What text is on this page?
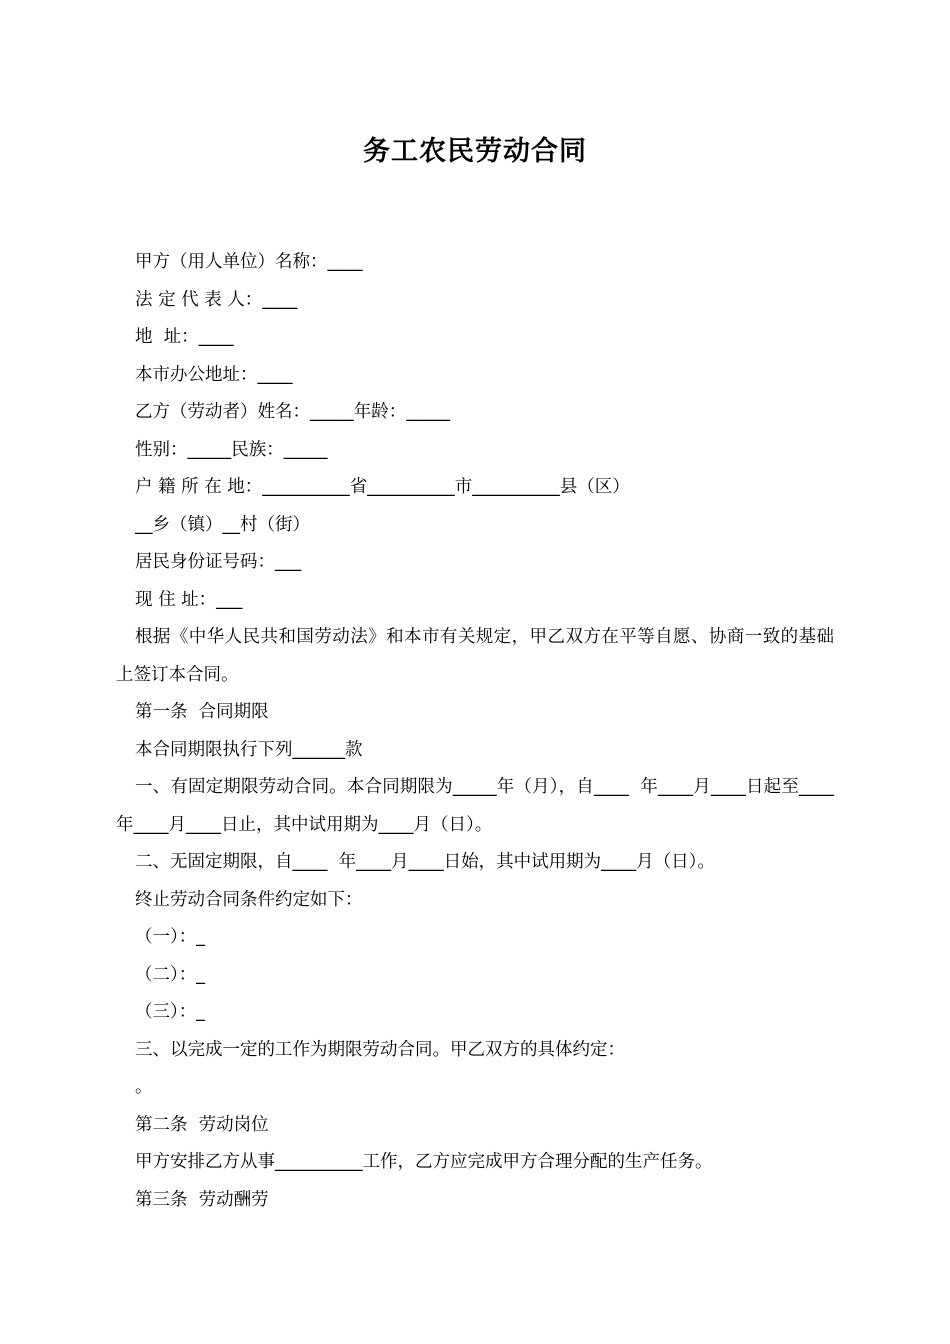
务工农民劳动合同

甲方（用人单位）名称：____

法 定 代 表 人：____

地  址：____

本市办公地址：____

乙方（劳动者）姓名：_____年龄：_____

性别：_____民族：_____

户 籍 所 在 地：__________省__________市__________县（区）

__乡（镇）__村（街）

居民身份证号码：___

现 住 址：___

根据《中华人民共和国劳动法》和本市有关规定，甲乙双方在平等自愿、协商一致的基础上签订本合同。

第一条  合同期限

本合同期限执行下列______款

一、有固定期限劳动合同。本合同期限为_____年（月），自____  年____月____日起至____  年____月____日止，其中试用期为____月（日）。

二、无固定期限，自____  年____月____日始，其中试用期为____月（日）。

终止劳动合同条件约定如下：

（一）：_

（二）：_

（三）：_

三、以完成一定的工作为期限劳动合同。甲乙双方的具体约定：

。

第二条  劳动岗位

甲方安排乙方从事__________工作，乙方应完成甲方合理分配的生产任务。

第三条  劳动酬劳
